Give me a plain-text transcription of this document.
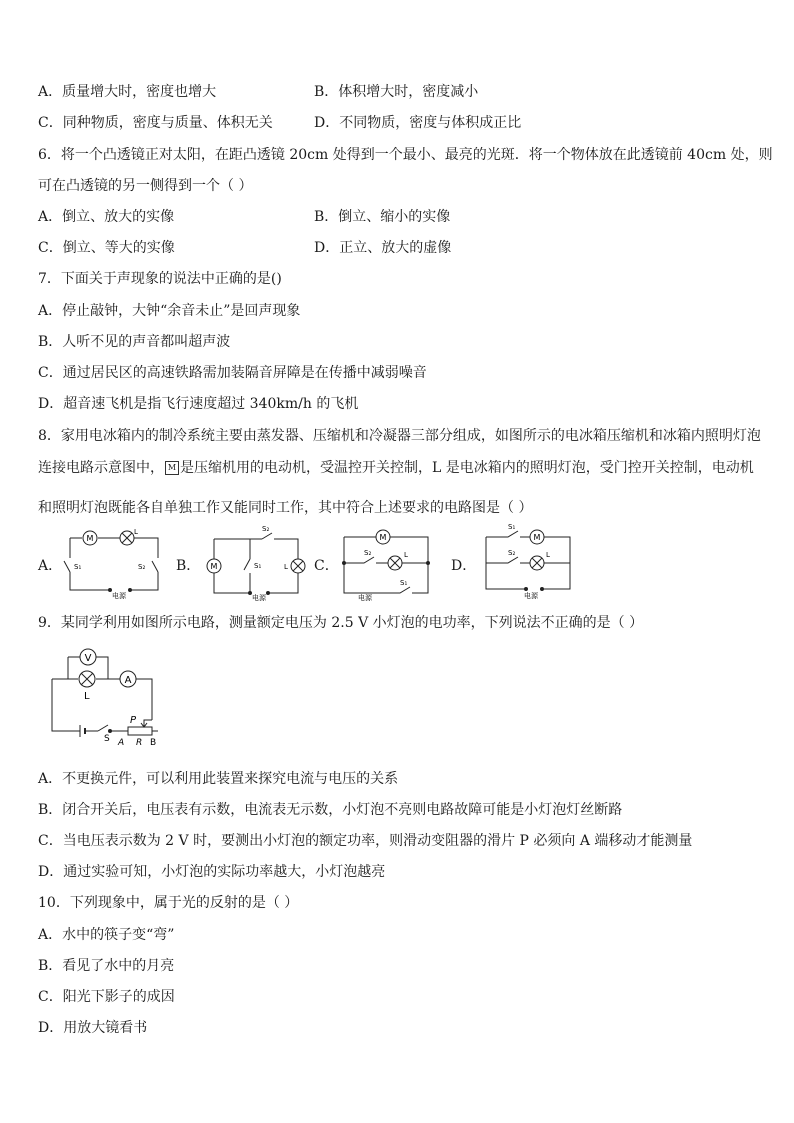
A．质量增大时，密度也增大	B．体积增大时，密度减小
C．同种物质，密度与质量、体积无关	D．不同物质，密度与体积成正比
6．将一个凸透镜正对太阳，在距凸透镜 20cm 处得到一个最小、最亮的光斑．将一个物体放在此透镜前 40cm 处，则
可在凸透镜的另一侧得到一个（ ）
A．倒立、放大的实像	B．倒立、缩小的实像
C．倒立、等大的实像	D．正立、放大的虚像
7．下面关于声现象的说法中正确的是()
A．停止敲钟，大钟“余音未止”是回声现象
B．人听不见的声音都叫超声波
C．通过居民区的高速铁路需加装隔音屏障是在传播中减弱噪音
D．超音速飞机是指飞行速度超过 340km/h 的飞机
8．家用电冰箱内的制冷系统主要由蒸发器、压缩机和冷凝器三部分组成，如图所示的电冰箱压缩机和冰箱内照明灯泡
连接电路示意图中， M 是压缩机用的电动机，受温控开关控制，L 是电冰箱内的照明灯泡，受门控开关控制，电动机
和照明灯泡既能各自单独工作又能同时工作，其中符合上述要求的电路图是（ ）
A．	B．	C．	D．
M
L
S₁	S₂
电源
M	L
S₂
S₁
电源
M
S₂	L
S₁
电源
S₁
M
S₂	L
电源
9．某同学利用如图所示电路，测量额定电压为 2.5 V 小灯泡的电功率，下列说法不正确的是（ ）
V
A
L
S
P
A R B
A．不更换元件，可以利用此装置来探究电流与电压的关系
B．闭合开关后，电压表有示数，电流表无示数，小灯泡不亮则电路故障可能是小灯泡灯丝断路
C．当电压表示数为 2 V 时，要测出小灯泡的额定功率，则滑动变阻器的滑片 P 必须向 A 端移动才能测量
D．通过实验可知，小灯泡的实际功率越大，小灯泡越亮
10．下列现象中，属于光的反射的是（ ）
A．水中的筷子变“弯”
B．看见了水中的月亮
C．阳光下影子的成因
D．用放大镜看书
